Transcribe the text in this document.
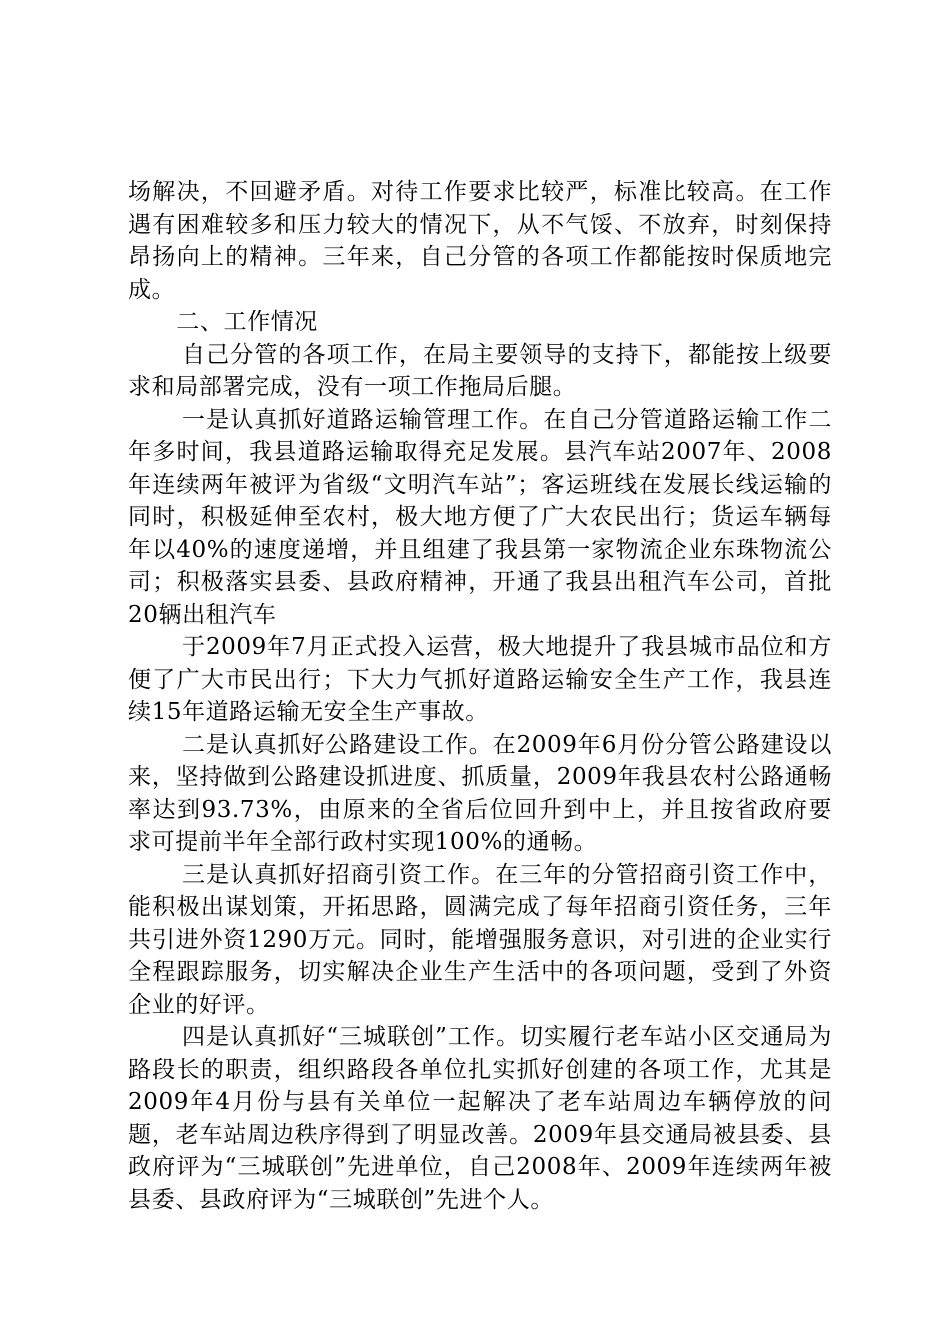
场解决，不回避矛盾。对待工作要求比较严，标准比较高。在工作遇有困难较多和压力较大的情况下，从不气馁、不放弃，时刻保持昂扬向上的精神。三年来，自己分管的各项工作都能按时保质地完成。

二、工作情况

自己分管的各项工作，在局主要领导的支持下，都能按上级要求和局部署完成，没有一项工作拖局后腿。

一是认真抓好道路运输管理工作。在自己分管道路运输工作二年多时间，我县道路运输取得充足发展。县汽车站2007年、2008年连续两年被评为省级“文明汽车站”；客运班线在发展长线运输的同时，积极延伸至农村，极大地方便了广大农民出行；货运车辆每年以40%的速度递增，并且组建了我县第一家物流企业东珠物流公司；积极落实县委、县政府精神，开通了我县出租汽车公司，首批20辆出租汽车

于2009年7月正式投入运营，极大地提升了我县城市品位和方便了广大市民出行；下大力气抓好道路运输安全生产工作，我县连续15年道路运输无安全生产事故。

二是认真抓好公路建设工作。在2009年6月份分管公路建设以来，坚持做到公路建设抓进度、抓质量，2009年我县农村公路通畅率达到93.73%，由原来的全省后位回升到中上，并且按省政府要求可提前半年全部行政村实现100%的通畅。

三是认真抓好招商引资工作。在三年的分管招商引资工作中，能积极出谋划策，开拓思路，圆满完成了每年招商引资任务，三年共引进外资1290万元。同时，能增强服务意识，对引进的企业实行全程跟踪服务，切实解决企业生产生活中的各项问题，受到了外资企业的好评。

四是认真抓好“三城联创”工作。切实履行老车站小区交通局为路段长的职责，组织路段各单位扎实抓好创建的各项工作，尤其是2009年4月份与县有关单位一起解决了老车站周边车辆停放的问题，老车站周边秩序得到了明显改善。2009年县交通局被县委、县政府评为“三城联创”先进单位，自己2008年、2009年连续两年被县委、县政府评为“三城联创”先进个人。
